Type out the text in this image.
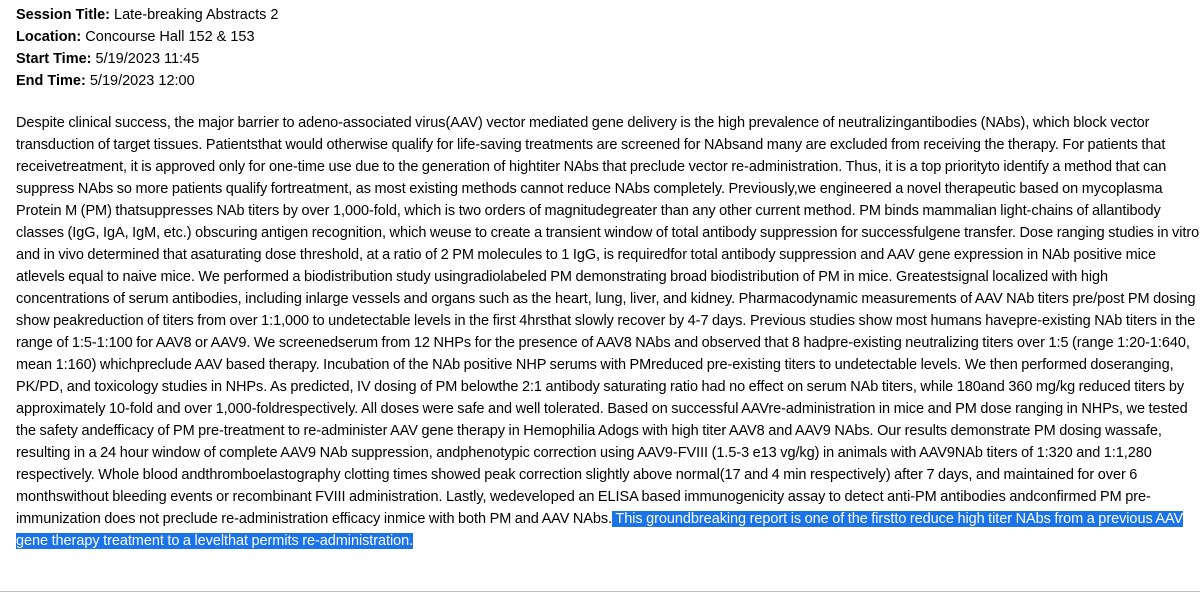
Session Title: Late-breaking Abstracts 2
Location: Concourse Hall 152 & 153
Start Time: 5/19/2023 11:45
End Time: 5/19/2023 12:00
Despite clinical success, the major barrier to adeno-associated virus(AAV) vector mediated gene delivery is the high prevalence of neutralizingantibodies (NAbs), which block vector transduction of target tissues. Patientsthat would otherwise qualify for life-saving treatments are screened for NAbsand many are excluded from receiving the therapy. For patients that receivetreatment, it is approved only for one-time use due to the generation of hightiter NAbs that preclude vector re-administration. Thus, it is a top priorityto identify a method that can suppress NAbs so more patients qualify fortreatment, as most existing methods cannot reduce NAbs completely. Previously,we engineered a novel therapeutic based on mycoplasma Protein M (PM) thatsuppresses NAb titers by over 1,000-fold, which is two orders of magnitudegreater than any other current method. PM binds mammalian light-chains of allantibody classes (IgG, IgA, IgM, etc.) obscuring antigen recognition, which weuse to create a transient window of total antibody suppression for successfulgene transfer. Dose ranging studies in vitro and in vivo determined that asaturating dose threshold, at a ratio of 2 PM molecules to 1 IgG, is requiredfor total antibody suppression and AAV gene expression in NAb positive mice atlevels equal to naive mice. We performed a biodistribution study usingradiolabeled PM demonstrating broad biodistribution of PM in mice. Greatestsignal localized with high concentrations of serum antibodies, including inlarge vessels and organs such as the heart, lung, liver, and kidney. Pharmacodynamic measurements of AAV NAb titers pre/post PM dosing show peakreduction of titers from over 1:1,000 to undetectable levels in the first 4hrsthat slowly recover by 4-7 days. Previous studies show most humans havepre-existing NAb titers in the range of 1:5-1:100 for AAV8 or AAV9. We screenedserum from 12 NHPs for the presence of AAV8 NAbs and observed that 8 hadpre-existing neutralizing titers over 1:5 (range 1:20-1:640, mean 1:160) whichpreclude AAV based therapy. Incubation of the NAb positive NHP serums with PMreduced pre-existing titers to undetectable levels. We then performed doseranging, PK/PD, and toxicology studies in NHPs. As predicted, IV dosing of PM belowthe 2:1 antibody saturating ratio had no effect on serum NAb titers, while 180and 360 mg/kg reduced titers by approximately 10-fold and over 1,000-foldrespectively. All doses were safe and well tolerated. Based on successful AAVre-administration in mice and PM dose ranging in NHPs, we tested the safety andefficacy of PM pre-treatment to re-administer AAV gene therapy in Hemophilia Adogs with high titer AAV8 and AAV9 NAbs. Our results demonstrate PM dosing wassafe, resulting in a 24 hour window of complete AAV9 NAb suppression, andphenotypic correction using AAV9-FVIII (1.5-3 e13 vg/kg) in animals with AAV9NAb titers of 1:320 and 1:1,280 respectively. Whole blood andthromboelastography clotting times showed peak correction slightly above normal(17 and 4 min respectively) after 7 days, and maintained for over 6 monthswithout bleeding events or recombinant FVIII administration. Lastly, wedeveloped an ELISA based immunogenicity assay to detect anti-PM antibodies andconfirmed PM pre-immunization does not preclude re-administration efficacy inmice with both PM and AAV NAbs. This groundbreaking report is one of the firstto reduce high titer NAbs from a previous AAV gene therapy treatment to a levelthat permits re-administration.
